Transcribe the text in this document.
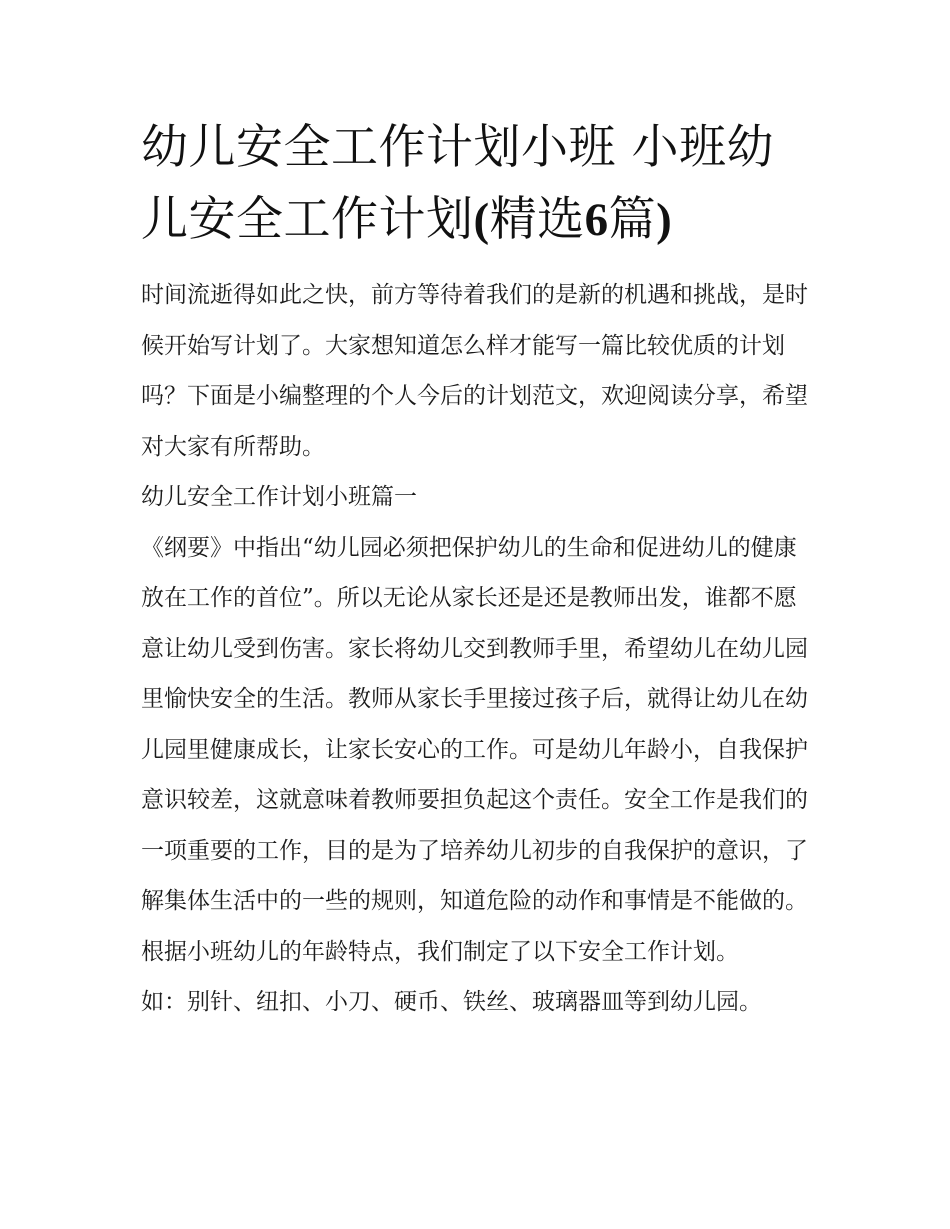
幼儿安全工作计划小班 小班幼
儿安全工作计划(精选6篇)

时间流逝得如此之快，前方等待着我们的是新的机遇和挑战，是时候开始写计划了。大家想知道怎么样才能写一篇比较优质的计划吗？下面是小编整理的个人今后的计划范文，欢迎阅读分享，希望对大家有所帮助。

幼儿安全工作计划小班篇一

《纲要》中指出“幼儿园必须把保护幼儿的生命和促进幼儿的健康放在工作的首位”。所以无论从家长还是还是教师出发，谁都不愿意让幼儿受到伤害。家长将幼儿交到教师手里，希望幼儿在幼儿园里愉快安全的生活。教师从家长手里接过孩子后，就得让幼儿在幼儿园里健康成长，让家长安心的工作。可是幼儿年龄小，自我保护意识较差，这就意味着教师要担负起这个责任。安全工作是我们的一项重要的工作，目的是为了培养幼儿初步的自我保护的意识，了解集体生活中的一些的规则，知道危险的动作和事情是不能做的。根据小班幼儿的年龄特点，我们制定了以下安全工作计划。

如：别针、纽扣、小刀、硬币、铁丝、玻璃器皿等到幼儿园。
